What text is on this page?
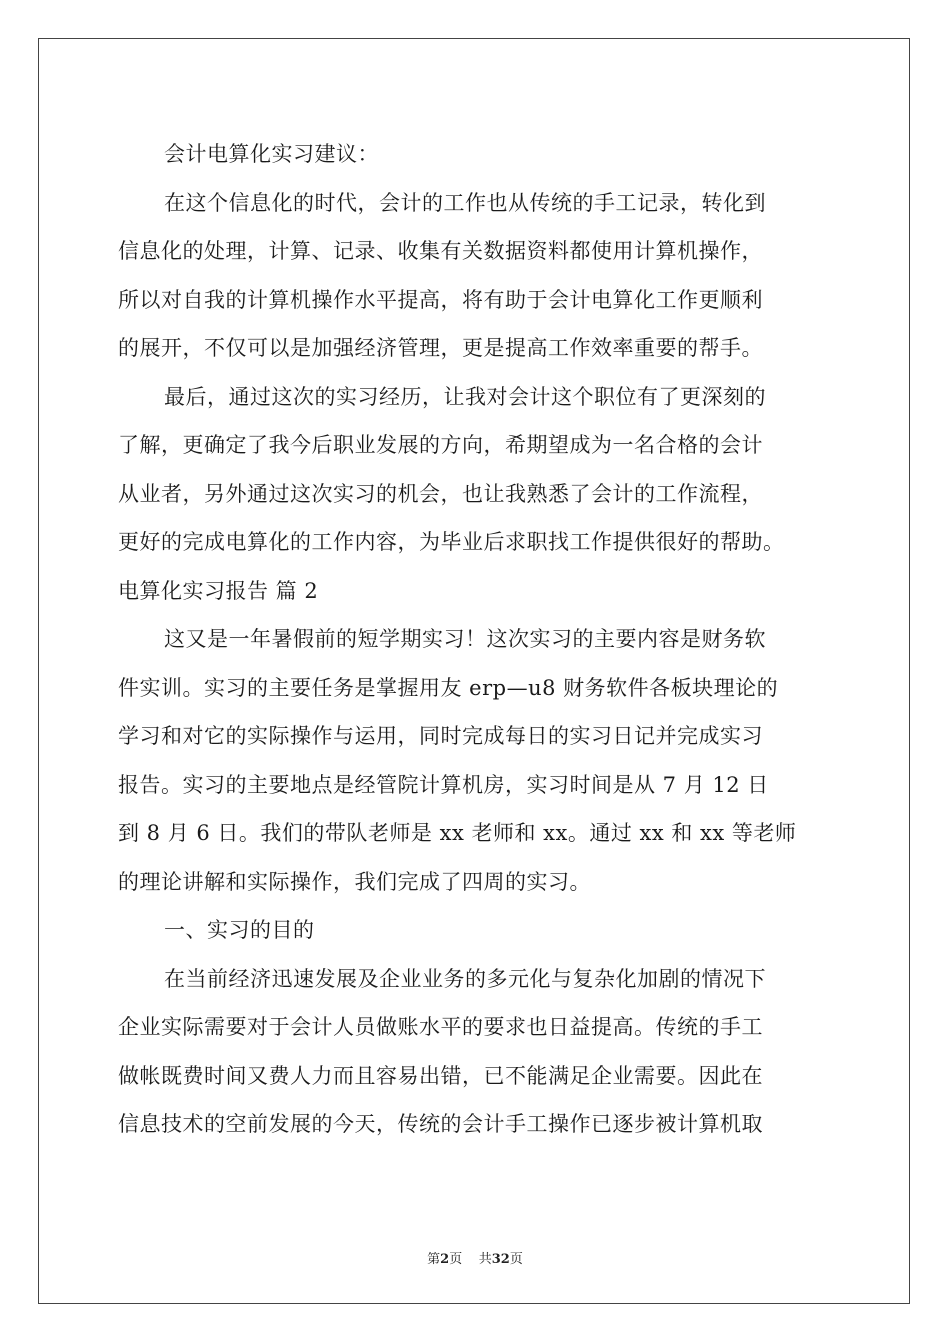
会计电算化实习建议：
在这个信息化的时代，会计的工作也从传统的手工记录，转化到
信息化的处理，计算、记录、收集有关数据资料都使用计算机操作，
所以对自我的计算机操作水平提高，将有助于会计电算化工作更顺利
的展开，不仅可以是加强经济管理，更是提高工作效率重要的帮手。
最后，通过这次的实习经历，让我对会计这个职位有了更深刻的
了解，更确定了我今后职业发展的方向，希期望成为一名合格的会计
从业者，另外通过这次实习的机会，也让我熟悉了会计的工作流程，
更好的完成电算化的工作内容，为毕业后求职找工作提供很好的帮助。
电算化实习报告 篇 2
这又是一年暑假前的短学期实习！这次实习的主要内容是财务软
件实训。实习的主要任务是掌握用友 erp—u8 财务软件各板块理论的
学习和对它的实际操作与运用，同时完成每日的实习日记并完成实习
报告。实习的主要地点是经管院计算机房，实习时间是从 7 月 12 日
到 8 月 6 日。我们的带队老师是 xx 老师和 xx。通过 xx 和 xx 等老师
的理论讲解和实际操作，我们完成了四周的实习。
一、实习的目的
在当前经济迅速发展及企业业务的多元化与复杂化加剧的情况下
企业实际需要对于会计人员做账水平的要求也日益提高。传统的手工
做帐既费时间又费人力而且容易出错，已不能满足企业需要。因此在
信息技术的空前发展的今天，传统的会计手工操作已逐步被计算机取
第2页 共32页
